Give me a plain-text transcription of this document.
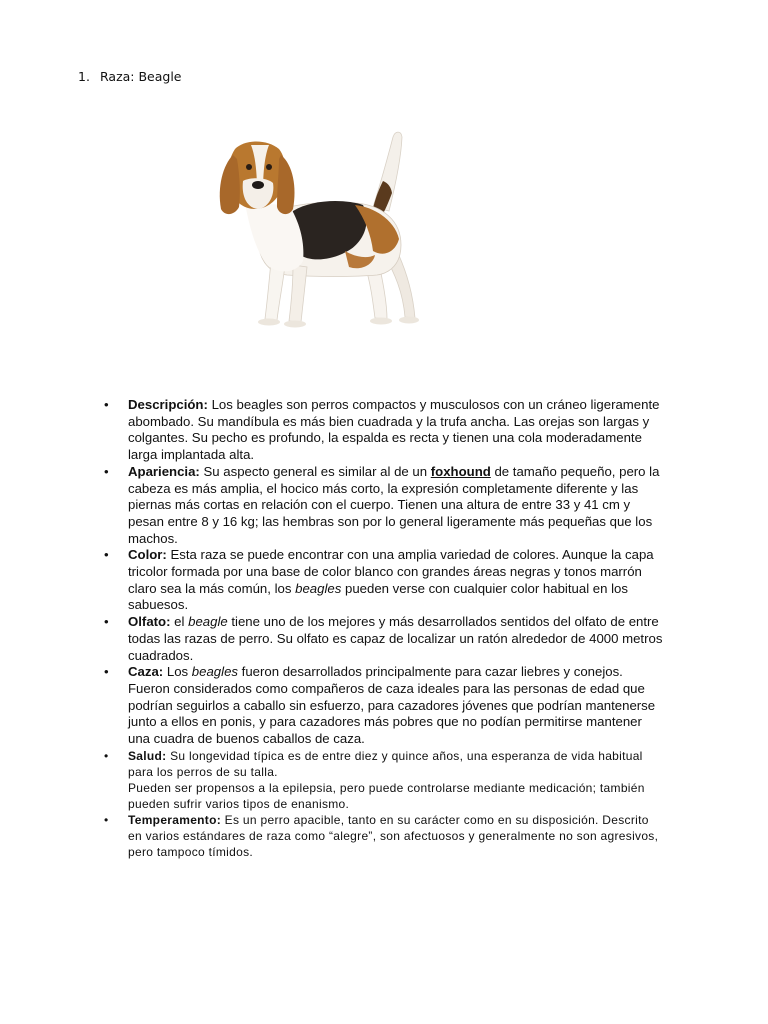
1. Raza: Beagle
• Descripción: Los beagles son perros compactos y musculosos con un cráneo ligeramente abombado. Su mandíbula es más bien cuadrada y la trufa ancha. Las orejas son largas y colgantes. Su pecho es profundo, la espalda es recta y tienen una cola moderadamente larga implantada alta.
• Apariencia: Su aspecto general es similar al de un foxhound de tamaño pequeño, pero la cabeza es más amplia, el hocico más corto, la expresión completamente diferente y las piernas más cortas en relación con el cuerpo. Tienen una altura de entre 33 y 41 cm y pesan entre 8 y 16 kg; las hembras son por lo general ligeramente más pequeñas que los machos.
• Color: Esta raza se puede encontrar con una amplia variedad de colores. Aunque la capa tricolor formada por una base de color blanco con grandes áreas negras y tonos marrón claro sea la más común, los beagles pueden verse con cualquier color habitual en los sabuesos.
• Olfato: el beagle tiene uno de los mejores y más desarrollados sentidos del olfato de entre todas las razas de perro. Su olfato es capaz de localizar un ratón alrededor de 4000 metros cuadrados.
• Caza: Los beagles fueron desarrollados principalmente para cazar liebres y conejos. Fueron considerados como compañeros de caza ideales para las personas de edad que podrían seguirlos a caballo sin esfuerzo, para cazadores jóvenes que podrían mantenerse junto a ellos en ponis, y para cazadores más pobres que no podían permitirse mantener una cuadra de buenos caballos de caza.
• Salud: Su longevidad típica es de entre diez y quince años, una esperanza de vida habitual para los perros de su talla.
Pueden ser propensos a la epilepsia, pero puede controlarse mediante medicación; también pueden sufrir varios tipos de enanismo.
• Temperamento: Es un perro apacible, tanto en su carácter como en su disposición. Descrito en varios estándares de raza como “alegre”, son afectuosos y generalmente no son agresivos, pero tampoco tímidos.
